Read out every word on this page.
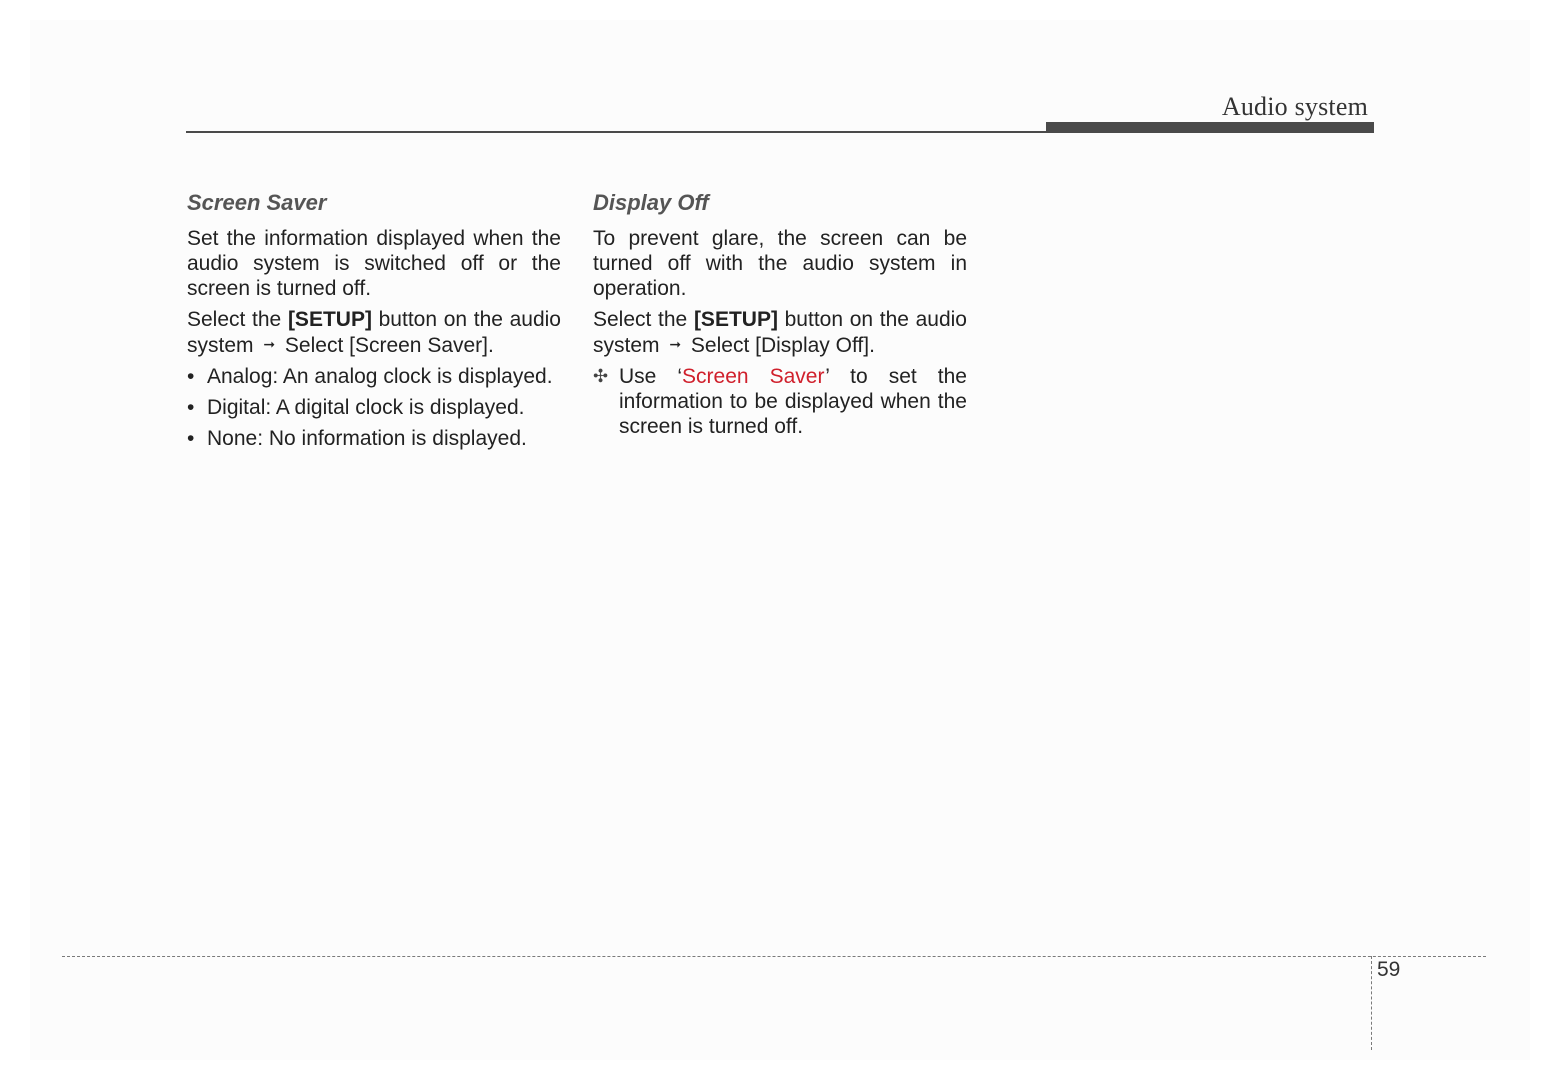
Audio system
Screen Saver

Set the information displayed when the audio system is switched off or the screen is turned off.

Select the [SETUP] button on the audio system ➞ Select [Screen Saver].

• Analog: An analog clock is displayed.
• Digital: A digital clock is displayed.
• None: No information is displayed.
Display Off

To prevent glare, the screen can be turned off with the audio system in operation.

Select the [SETUP] button on the audio system ➞ Select [Display Off].

✣ Use ‘Screen Saver’ to set the information to be displayed when the screen is turned off.

59
